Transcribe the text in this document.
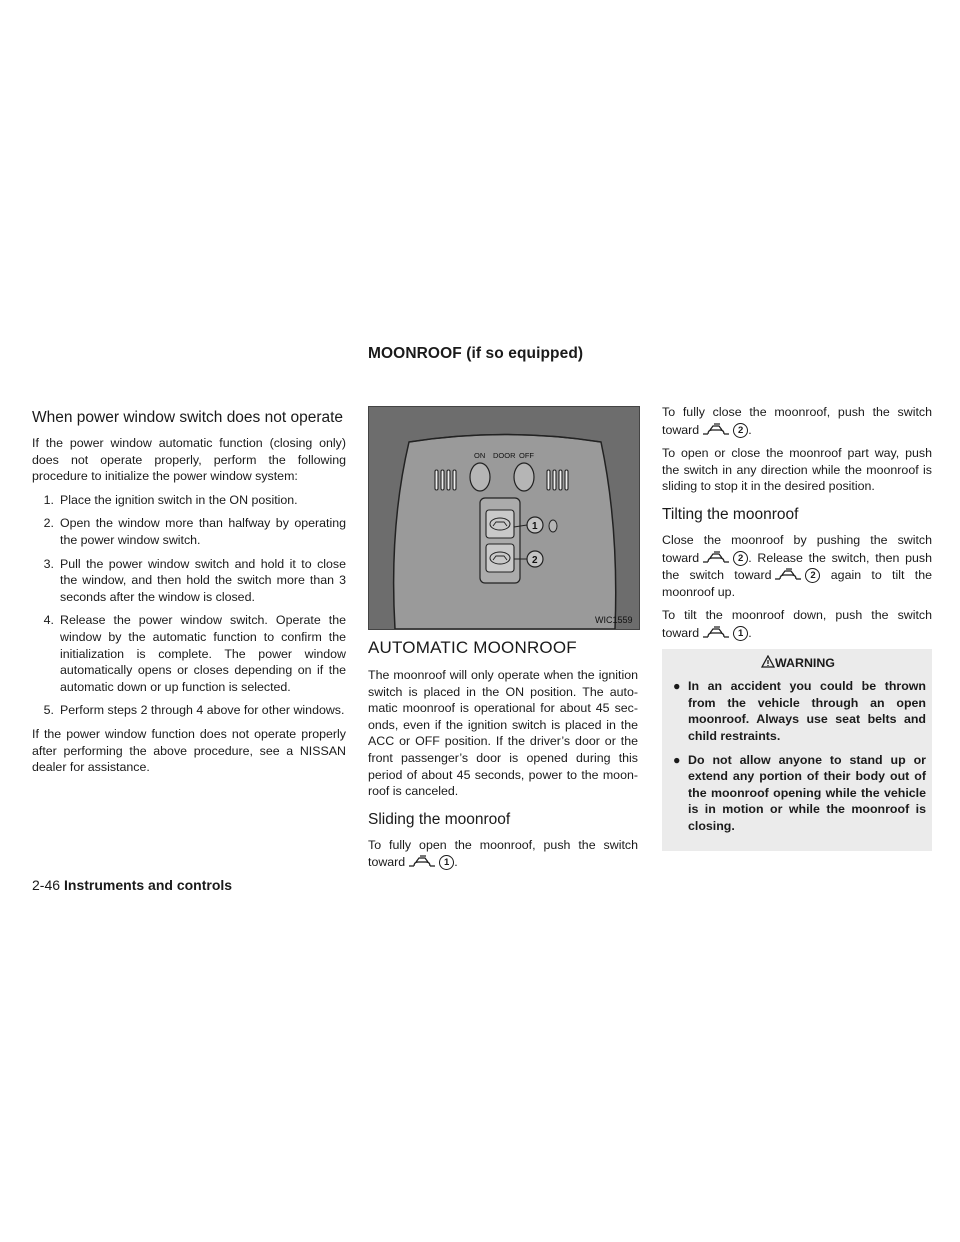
MOONROOF (if so equipped)
When power window switch does not operate

If the power window automatic function (closing only) does not operate properly, perform the following procedure to initialize the power window system:

1. Place the ignition switch in the ON position.
2. Open the window more than halfway by operating the power window switch.
3. Pull the power window switch and hold it to close the window, and then hold the switch more than 3 seconds after the window is closed.
4. Release the power window switch. Operate the window by the automatic function to confirm the initialization is complete. The power window automatically opens or closes depending on if the automatic down or up function is selected.
5. Perform steps 2 through 4 above for other windows.

If the power window function does not operate properly after performing the above procedure, see a NISSAN dealer for assistance.

ON DOOR OFF
1
2
WIC1559
AUTOMATIC MOONROOF

The moonroof will only operate when the ignition switch is placed in the ON position. The automatic moonroof is operational for about 45 seconds, even if the ignition switch is placed in the ACC or OFF position. If the driver’s door or the front passenger’s door is opened during this period of about 45 seconds, power to the moonroof is canceled.

Sliding the moonroof

To fully open the moonroof, push the switch toward	1 .

To fully close the moonroof, push the switch toward	2 .

To open or close the moonroof part way, push the switch in any direction while the moonroof is sliding to stop it in the desired position.

Tilting the moonroof

Close the moonroof by pushing the switch toward	2 . Release the switch, then push the switch toward	2 again to tilt the moonroof up.

To tilt the moonroof down, push the switch toward	1 .

WARNING
● In an accident you could be thrown from the vehicle through an open moonroof. Always use seat belts and child restraints.
● Do not allow anyone to stand up or extend any portion of their body out of the moonroof opening while the vehicle is in motion or while the moonroof is closing.
2-46 Instruments and controls
